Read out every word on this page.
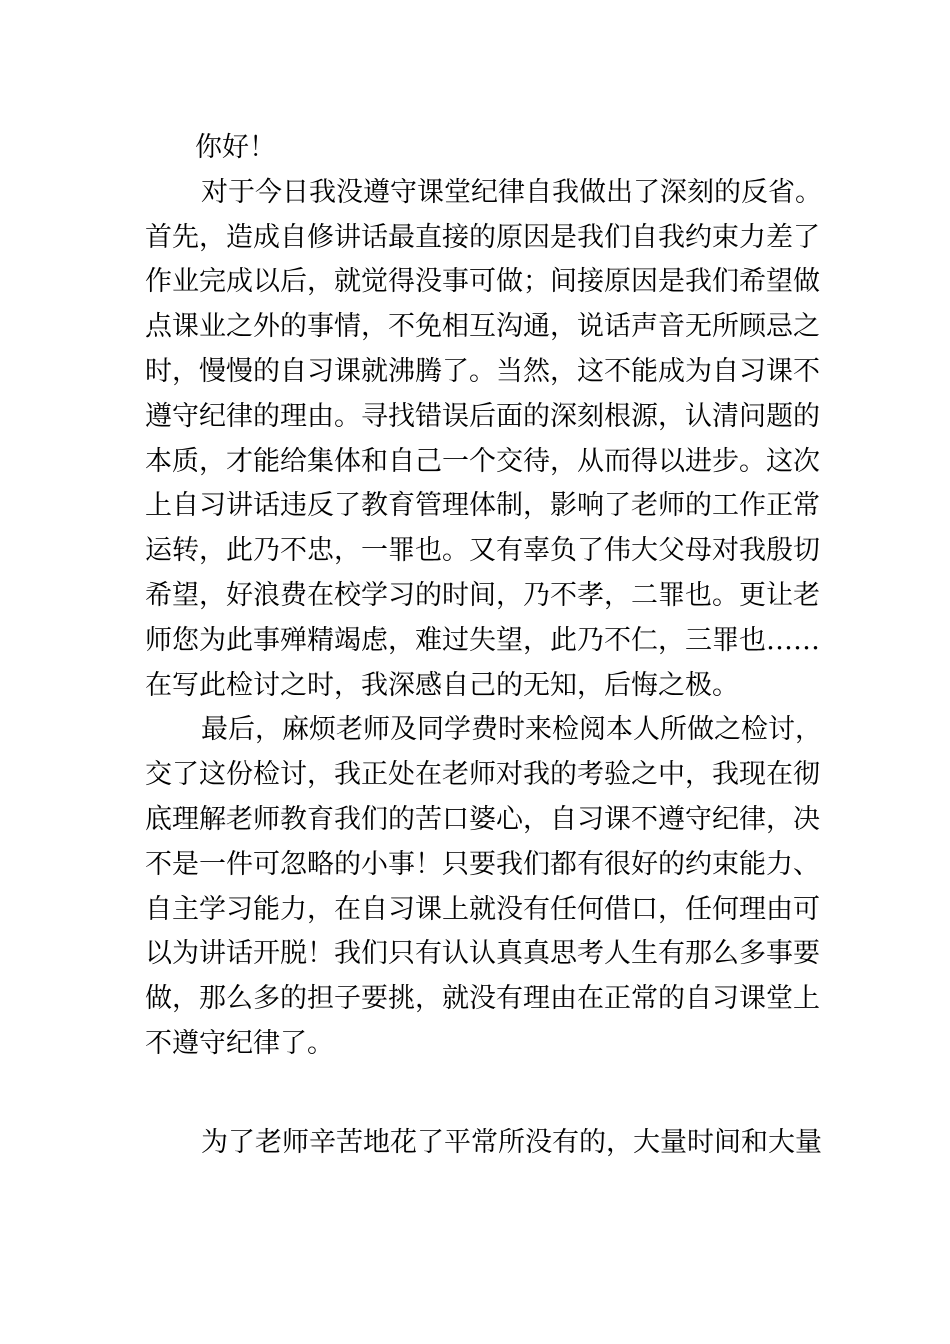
你好！
对于今日我没遵守课堂纪律自我做出了深刻的反省。
首先，造成自修讲话最直接的原因是我们自我约束力差了
作业完成以后，就觉得没事可做；间接原因是我们希望做
点课业之外的事情，不免相互沟通，说话声音无所顾忌之
时，慢慢的自习课就沸腾了。当然，这不能成为自习课不
遵守纪律的理由。寻找错误后面的深刻根源，认清问题的
本质，才能给集体和自己一个交待，从而得以进步。这次
上自习讲话违反了教育管理体制，影响了老师的工作正常
运转，此乃不忠，一罪也。又有辜负了伟大父母对我殷切
希望，好浪费在校学习的时间，乃不孝，二罪也。更让老
师您为此事殚精竭虑，难过失望，此乃不仁，三罪也……
在写此检讨之时，我深感自己的无知，后悔之极。
最后，麻烦老师及同学费时来检阅本人所做之检讨，
交了这份检讨，我正处在老师对我的考验之中，我现在彻
底理解老师教育我们的苦口婆心，自习课不遵守纪律，决
不是一件可忽略的小事！只要我们都有很好的约束能力、
自主学习能力，在自习课上就没有任何借口，任何理由可
以为讲话开脱！我们只有认认真真思考人生有那么多事要
做，那么多的担子要挑，就没有理由在正常的自习课堂上
不遵守纪律了。
为了老师辛苦地花了平常所没有的，大量时间和大量
